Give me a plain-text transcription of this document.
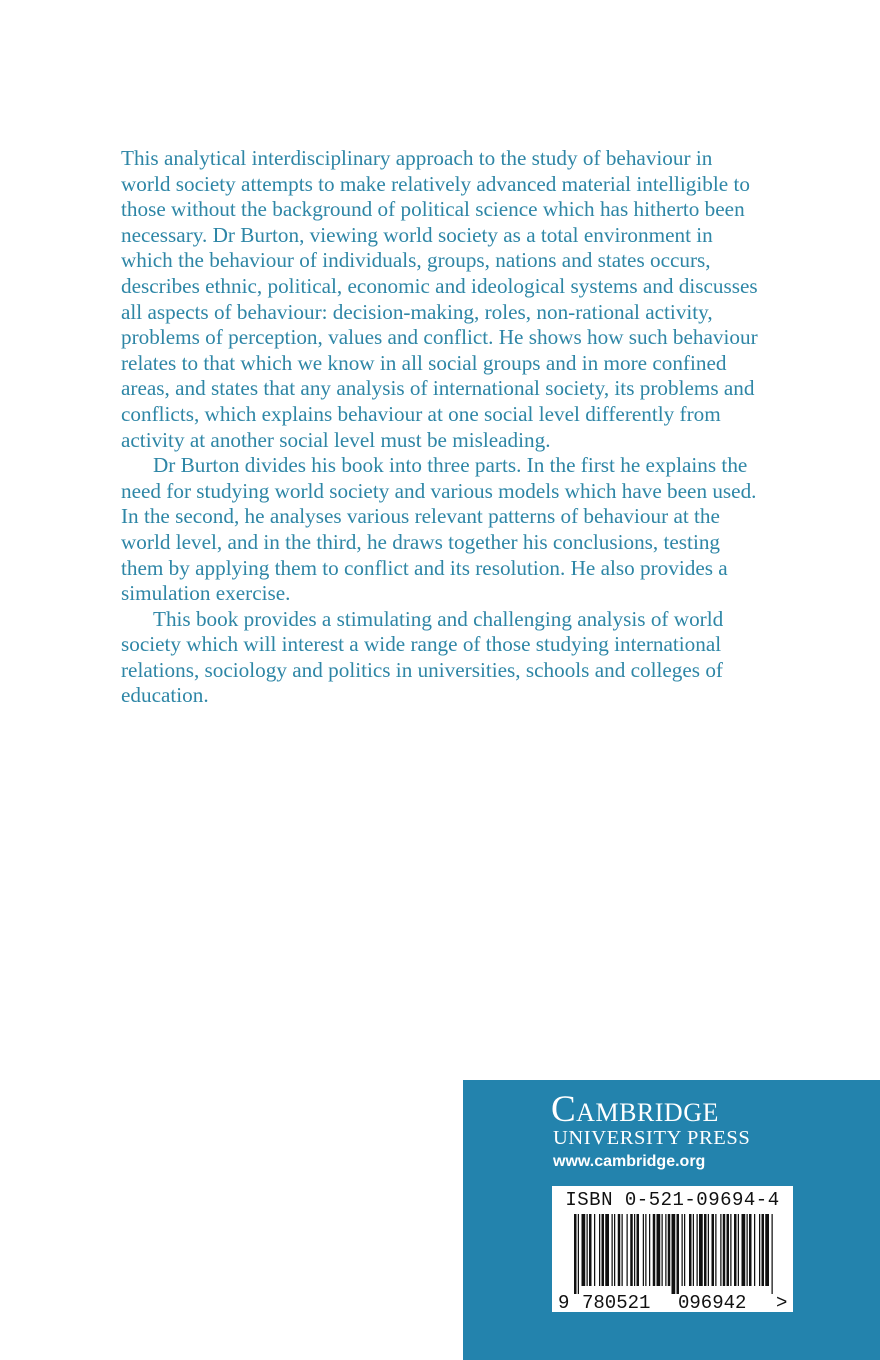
This analytical interdisciplinary approach to the study of behaviour in world society attempts to make relatively advanced material intelligible to those without the background of political science which has hitherto been necessary. Dr Burton, viewing world society as a total environment in which the behaviour of individuals, groups, nations and states occurs, describes ethnic, political, economic and ideological systems and discusses all aspects of behaviour: decision-making, roles, non-rational activity, problems of perception, values and conflict. He shows how such behaviour relates to that which we know in all social groups and in more confined areas, and states that any analysis of international society, its problems and conflicts, which explains behaviour at one social level differently from activity at another social level must be misleading.

Dr Burton divides his book into three parts. In the first he explains the need for studying world society and various models which have been used. In the second, he analyses various relevant patterns of behaviour at the world level, and in the third, he draws together his conclusions, testing them by applying them to conflict and its resolution. He also provides a simulation exercise.

This book provides a stimulating and challenging analysis of world society which will interest a wide range of those studying international relations, sociology and politics in universities, schools and colleges of education.

Cambridge
UNIVERSITY PRESS
www.cambridge.org
ISBN 0-521-09694-4
9 780521 096942 >
